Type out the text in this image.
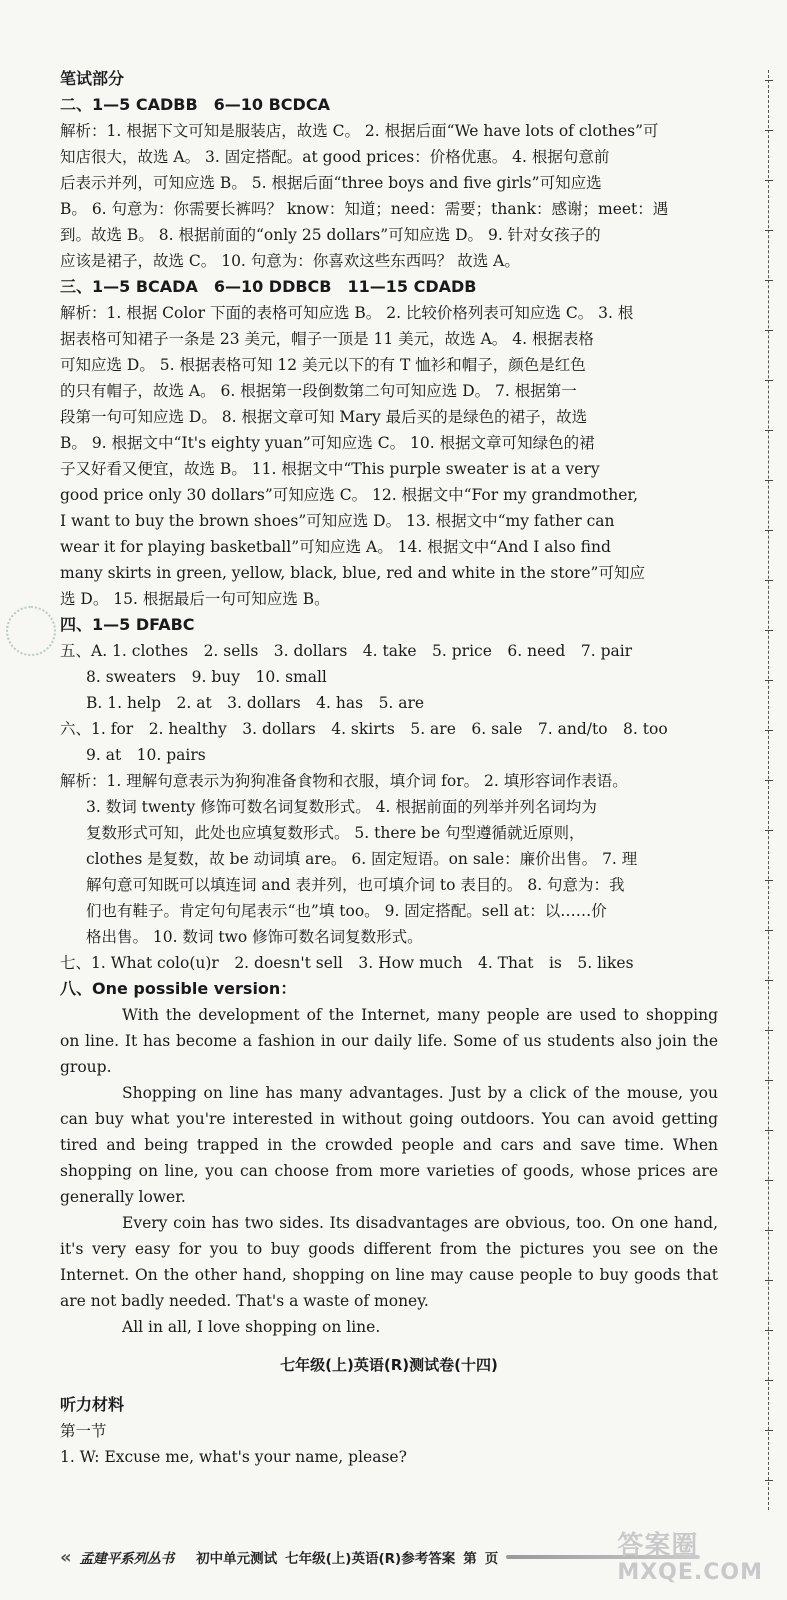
笔试部分
二、1—5 CADBB　6—10 BCDCA
解析：1. 根据下文可知是服装店，故选 C。 2. 根据后面“We have lots of clothes”可
知店很大，故选 A。 3. 固定搭配。at good prices：价格优惠。 4. 根据句意前
后表示并列，可知应选 B。 5. 根据后面“three boys and five girls”可知应选
B。 6. 句意为：你需要长裤吗？ know：知道；need：需要；thank：感谢；meet：遇
到。故选 B。 8. 根据前面的“only 25 dollars”可知应选 D。 9. 针对女孩子的
应该是裙子，故选 C。 10. 句意为：你喜欢这些东西吗？ 故选 A。
三、1—5 BCADA　6—10 DDBCB　11—15 CDADB
解析：1. 根据 Color 下面的表格可知应选 B。 2. 比较价格列表可知应选 C。 3. 根
据表格可知裙子一条是 23 美元，帽子一顶是 11 美元，故选 A。 4. 根据表格
可知应选 D。 5. 根据表格可知 12 美元以下的有 T 恤衫和帽子，颜色是红色
的只有帽子，故选 A。 6. 根据第一段倒数第二句可知应选 D。 7. 根据第一
段第一句可知应选 D。 8. 根据文章可知 Mary 最后买的是绿色的裙子，故选
B。 9. 根据文中“It's eighty yuan”可知应选 C。 10. 根据文章可知绿色的裙
子又好看又便宜，故选 B。 11. 根据文中“This purple sweater is at a very
good price only 30 dollars”可知应选 C。 12. 根据文中“For my grandmother,
I want to buy the brown shoes”可知应选 D。 13. 根据文中“my father can
wear it for playing basketball”可知应选 A。 14. 根据文中“And I also find
many skirts in green, yellow, black, blue, red and white in the store”可知应
选 D。 15. 根据最后一句可知应选 B。
四、1—5 DFABC
五、A. 1. clothes　2. sells　3. dollars　4. take　5. price　6. need　7. pair
8. sweaters　9. buy　10. small
B. 1. help　2. at　3. dollars　4. has　5. are
六、1. for　2. healthy　3. dollars　4. skirts　5. are　6. sale　7. and/to　8. too
9. at　10. pairs
解析：1. 理解句意表示为狗狗准备食物和衣服，填介词 for。 2. 填形容词作表语。
3. 数词 twenty 修饰可数名词复数形式。 4. 根据前面的列举并列名词均为
复数形式可知，此处也应填复数形式。 5. there be 句型遵循就近原则，
clothes 是复数，故 be 动词填 are。 6. 固定短语。on sale：廉价出售。 7. 理
解句意可知既可以填连词 and 表并列，也可填介词 to 表目的。 8. 句意为：我
们也有鞋子。肯定句句尾表示“也”填 too。 9. 固定搭配。sell at：以……价
格出售。 10. 数词 two 修饰可数名词复数形式。
七、1. What colo(u)r　2. doesn't sell　3. How much　4. That　is　5. likes
八、One possible version：

With the development of the Internet, many people are used to shopping on line. It has become a fashion in our daily life. Some of us students also join the group.

Shopping on line has many advantages. Just by a click of the mouse, you can buy what you're interested in without going outdoors. You can avoid getting tired and being trapped in the crowded people and cars and save time. When shopping on line, you can choose from more varieties of goods, whose prices are generally lower.

Every coin has two sides. Its disadvantages are obvious, too. On one hand, it's very easy for you to buy goods different from the pictures you see on the Internet. On the other hand, shopping on line may cause people to buy goods that are not badly needed. That's a waste of money.

All in all, I love shopping on line.

七年级(上)英语(R)测试卷(十四)
听力材料
第一节
1. W: Excuse me, what's your name, please?
« 孟建平系列丛书 初中单元测试 七年级(上)英语(R)参考答案 第 页	答案圈
MXQE.COM
